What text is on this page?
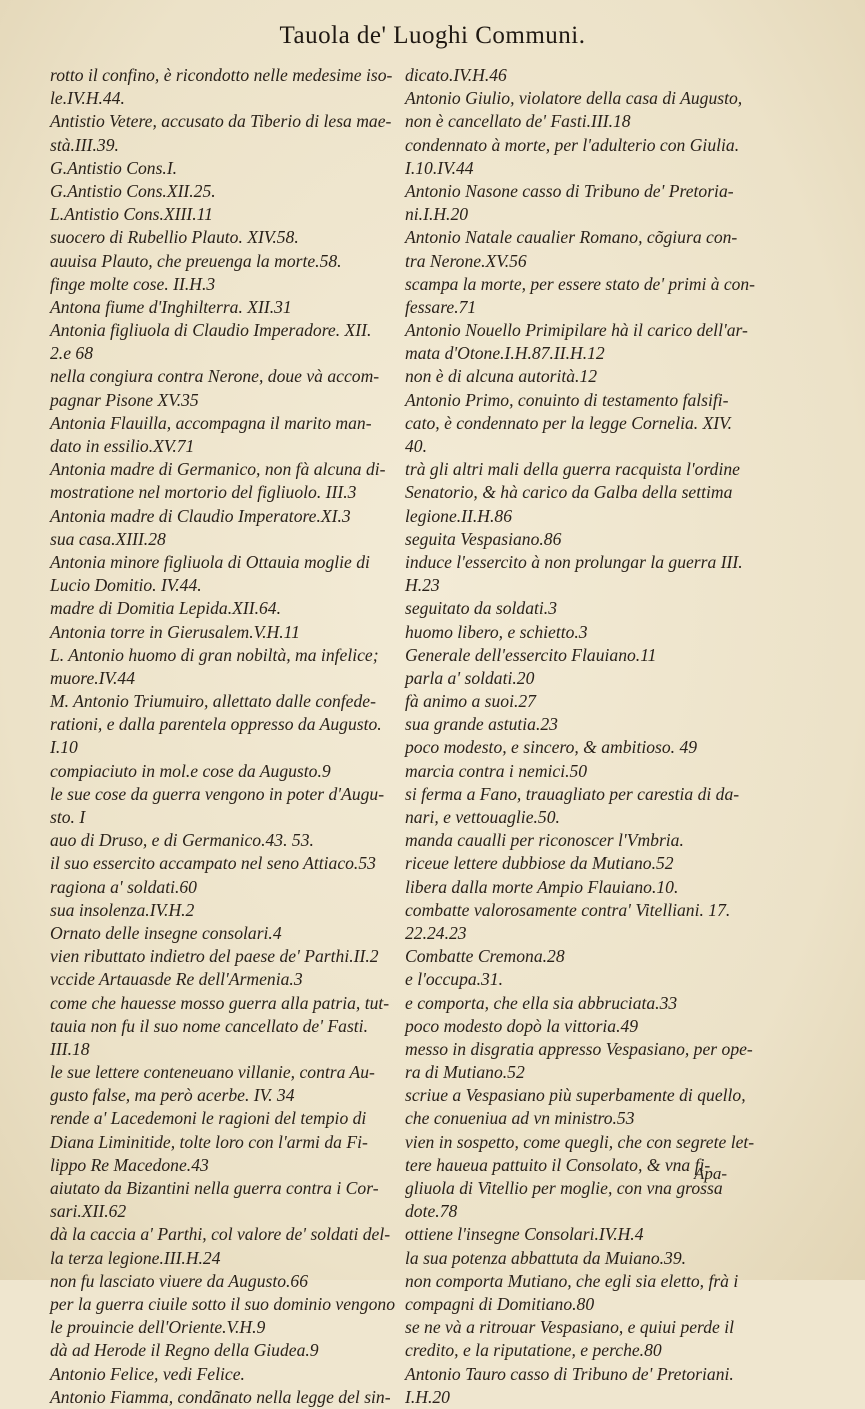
Tauola de' Luoghi Communi.
rotto il confino, è ricondotto nelle medesime iso-
le.IV.H.44.
Antistio Vetere, accusato da Tiberio di lesa mae-
stà.III.39.
G.Antistio Cons.I.
G.Antistio Cons.XII.25.
L.Antistio Cons.XIII.11
suocero di Rubellio Plauto. XIV.58.
auuisa Plauto, che preuenga la morte.58.
finge molte cose. II.H.3
Antona fiume d'Inghilterra. XII.31
Antonia figliuola di Claudio Imperadore. XII.
2.e 68
nella congiura contra Nerone, doue và accom-
pagnar Pisone XV.35
Antonia Flauilla, accompagna il marito man-
dato in essilio.XV.71
Antonia madre di Germanico, non fà alcuna di-
mostratione nel mortorio del figliuolo. III.3
Antonia madre di Claudio Imperatore.XI.3
sua casa.XIII.28
Antonia minore figliuola di Ottauia moglie di
Lucio Domitio. IV.44.
madre di Domitia Lepida.XII.64.
Antonia torre in Gierusalem.V.H.11
L. Antonio huomo di gran nobiltà, ma infelice;
muore.IV.44
M. Antonio Triumuiro, allettato dalle confede-
rationi, e dalla parentela oppresso da Augusto.
I.10
compiaciuto in mol.e cose da Augusto.9
le sue cose da guerra vengono in poter d'Augu-
sto. I
auo di Druso, e di Germanico.43. 53.
il suo essercito accampato nel seno Attiaco.53
ragiona a' soldati.60
sua insolenza.IV.H.2
Ornato delle insegne consolari.4
vien ributtato indietro del paese de' Parthi.II.2
vccide Artauasde Re dell'Armenia.3
come che hauesse mosso guerra alla patria, tut-
tauia non fu il suo nome cancellato de' Fasti.
III.18
le sue lettere conteneuano villanie, contra Au-
gusto false, ma però acerbe. IV. 34
rende a' Lacedemoni le ragioni del tempio di
Diana Liminitide, tolte loro con l'armi da Fi-
lippo Re Macedone.43
aiutato da Bizantini nella guerra contra i Cor-
sari.XII.62
dà la caccia a' Parthi, col valore de' soldati del-
la terza legione.III.H.24
non fu lasciato viuere da Augusto.66
per la guerra ciuile sotto il suo dominio vengono
le prouincie dell'Oriente.V.H.9
dà ad Herode il Regno della Giudea.9
Antonio Felice, vedi Felice.
Antonio Fiamma, condãnato nella legge del sin-
dicato.IV.H.46
Antonio Giulio, violatore della casa di Augusto,
non è cancellato de' Fasti.III.18
condennato à morte, per l'adulterio con Giulia.
I.10.IV.44
Antonio Nasone casso di Tribuno de' Pretoria-
ni.I.H.20
Antonio Natale caualier Romano, cõgiura con-
tra Nerone.XV.56
scampa la morte, per essere stato de' primi à con-
fessare.71
Antonio Nouello Primipilare hà il carico dell'ar-
mata d'Otone.I.H.87.II.H.12
non è di alcuna autorità.12
Antonio Primo, conuinto di testamento falsifi-
cato, è condennato per la legge Cornelia. XIV.
40.
trà gli altri mali della guerra racquista l'ordine
Senatorio, & hà carico da Galba della settima
legione.II.H.86
seguita Vespasiano.86
induce l'essercito à non prolungar la guerra III.
H.23
seguitato da soldati.3
huomo libero, e schietto.3
Generale dell'essercito Flauiano.11
parla a' soldati.20
fà animo a suoi.27
sua grande astutia.23
poco modesto, e sincero, & ambitioso. 49
marcia contra i nemici.50
si ferma a Fano, trauagliato per carestia di da-
nari, e vettouaglie.50.
manda caualli per riconoscer l'Vmbria.
riceue lettere dubbiose da Mutiano.52
libera dalla morte Ampio Flauiano.10.
combatte valorosamente contra' Vitelliani. 17.
22.24.23
Combatte Cremona.28
e l'occupa.31.
e comporta, che ella sia abbruciata.33
poco modesto dopò la vittoria.49
messo in disgratia appresso Vespasiano, per ope-
ra di Mutiano.52
scriue a Vespasiano più superbamente di quello,
che conueniua ad vn ministro.53
vien in sospetto, come quegli, che con segrete let-
tere haueua pattuito il Consolato, & vna fi-
gliuola di Vitellio per moglie, con vna grossa
dote.78
ottiene l'insegne Consolari.IV.H.4
la sua potenza abbattuta da Muiano.39.
non comporta Mutiano, che egli sia eletto, frà i
compagni di Domitiano.80
se ne và a ritrouar Vespasiano, e quiui perde il
credito, e la riputatione, e perche.80
Antonio Tauro casso di Tribuno de' Pretoriani.
I.H.20
Apa-
